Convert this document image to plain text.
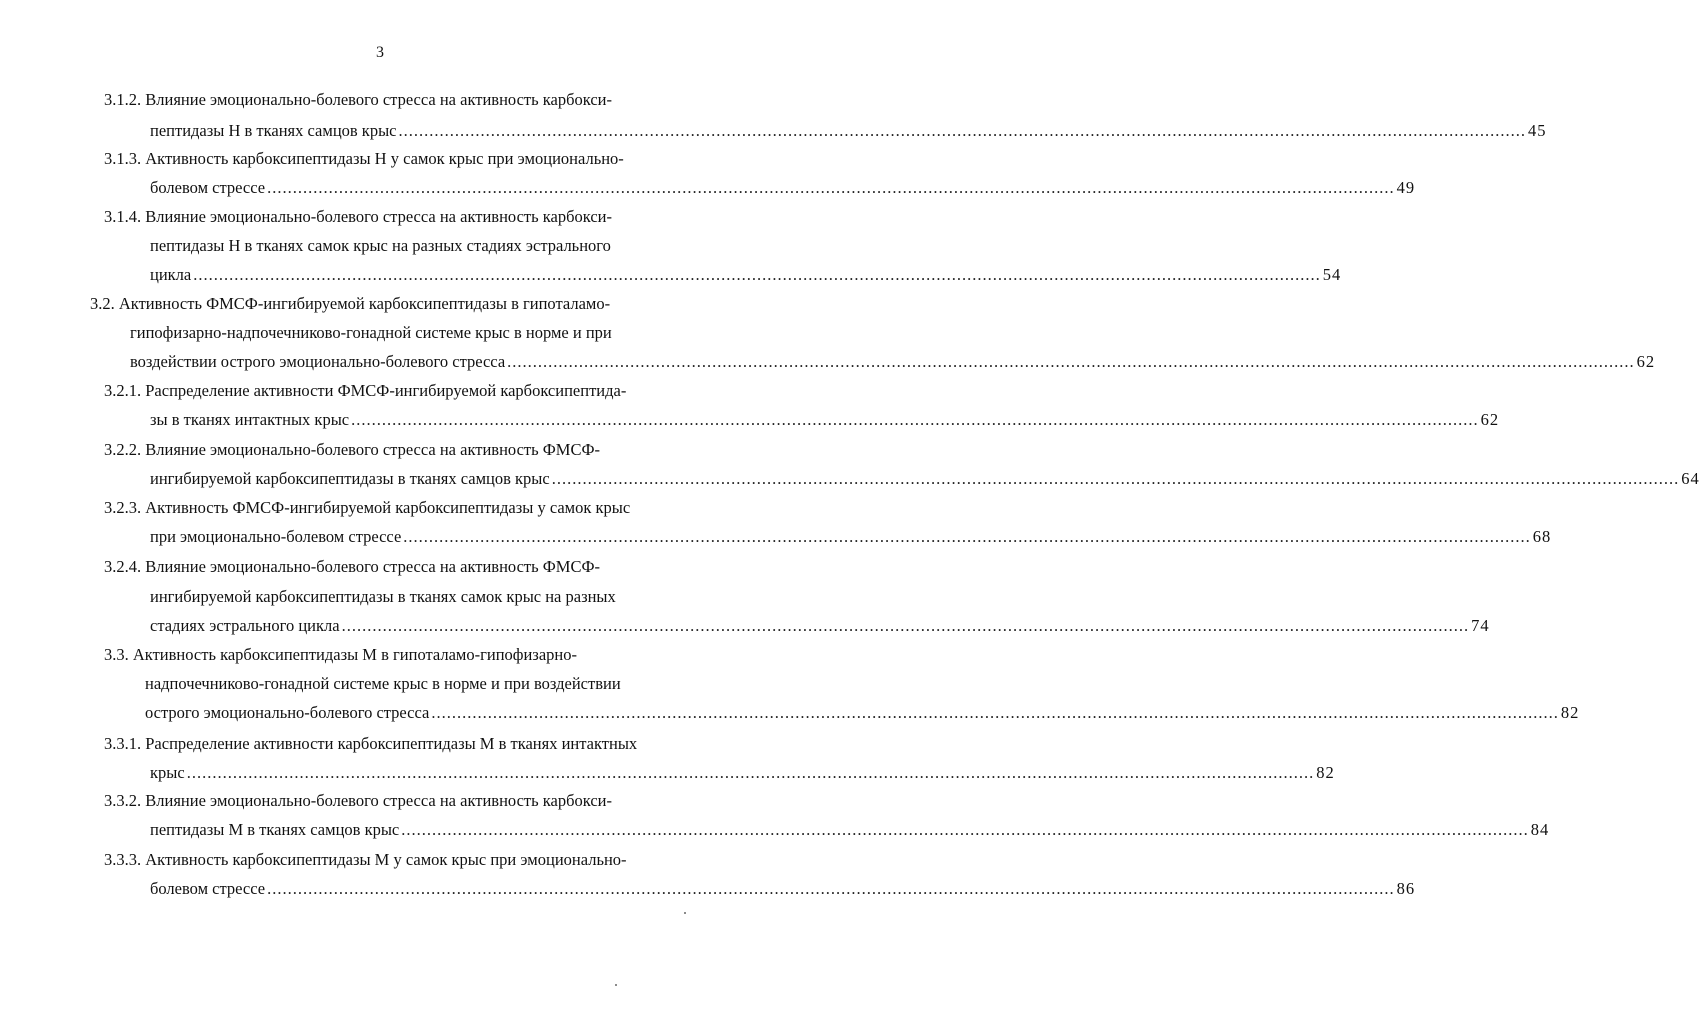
3
3.1.2. Влияние эмоционально-болевого стресса на активность карбокси-
пептидазы Н в тканях самцов крыс ............................................................................................................................................................................................................................ 45
3.1.3. Активность карбоксипептидазы Н у самок крыс при эмоционально-
болевом стрессе ............................................................................................................................................................................................................................ 49
3.1.4. Влияние эмоционально-болевого стресса на активность карбокси-
пептидазы Н в тканях самок крыс на разных стадиях эстрального
цикла ............................................................................................................................................................................................................................ 54
3.2. Активность ФМСФ-ингибируемой карбоксипептидазы в гипоталамо-
гипофизарно-надпочечниково-гонадной системе крыс в норме и при
воздействии острого эмоционально-болевого стресса ............................................................................................................................................................................................................................ 62
3.2.1. Распределение активности ФМСФ-ингибируемой карбоксипептида-
зы в тканях интактных крыс ............................................................................................................................................................................................................................ 62
3.2.2. Влияние эмоционально-болевого стресса на активность ФМСФ-
ингибируемой карбоксипептидазы в тканях самцов крыс ............................................................................................................................................................................................................................ 64
3.2.3. Активность ФМСФ-ингибируемой карбоксипептидазы у самок крыс
при эмоционально-болевом стрессе ............................................................................................................................................................................................................................ 68
3.2.4. Влияние эмоционально-болевого стресса на активность ФМСФ-
ингибируемой карбоксипептидазы в тканях самок крыс на разных
стадиях эстрального цикла ............................................................................................................................................................................................................................ 74
3.3. Активность карбоксипептидазы М в гипоталамо-гипофизарно-
надпочечниково-гонадной системе крыс в норме и при воздействии
острого эмоционально-болевого стресса ............................................................................................................................................................................................................................ 82
3.3.1. Распределение активности карбоксипептидазы М в тканях интактных
крыс ............................................................................................................................................................................................................................ 82
3.3.2. Влияние эмоционально-болевого стресса на активность карбокси-
пептидазы М в тканях самцов крыс ............................................................................................................................................................................................................................ 84
3.3.3. Активность карбоксипептидазы М у самок крыс при эмоционально-
болевом стрессе ............................................................................................................................................................................................................................ 86
